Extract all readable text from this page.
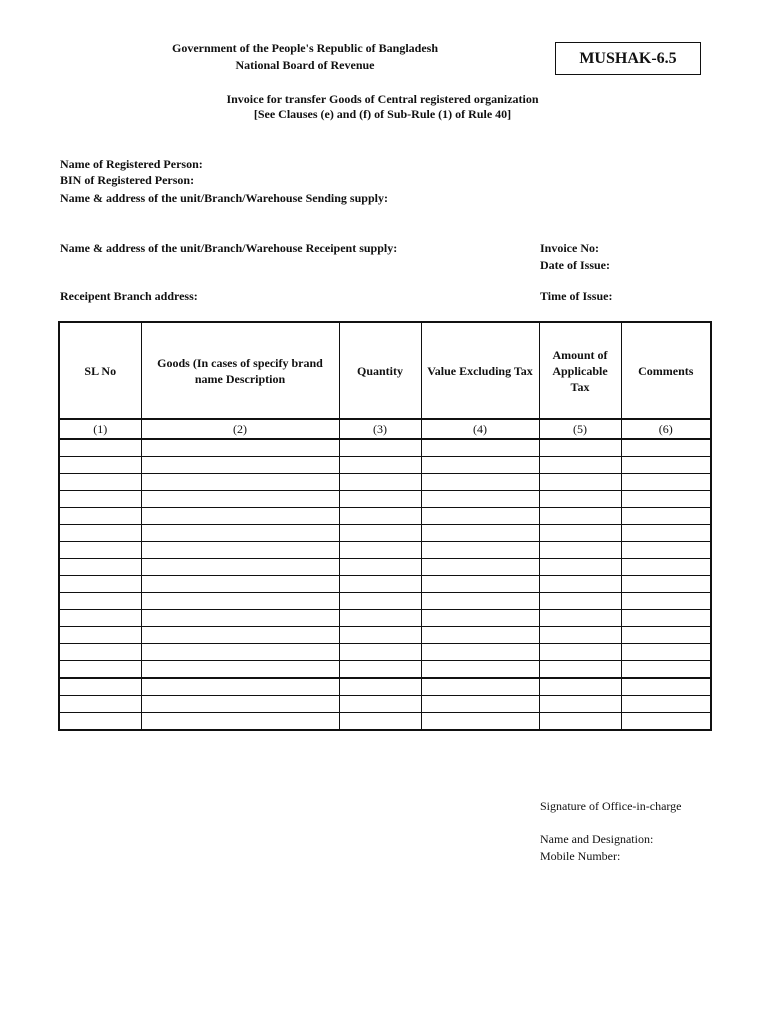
Government of the People's Republic of Bangladesh
National Board of Revenue	MUSHAK-6.5
Invoice for transfer Goods of Central registered organization
[See Clauses (e) and (f) of Sub-Rule (1) of Rule 40]
Name of Registered Person:
BIN of Registered Person:
Name & address of the unit/Branch/Warehouse Sending supply:
Name & address of the unit/Branch/Warehouse Receipent supply:	Invoice No:
Date of Issue:
Receipent Branch address:	Time of Issue:
SL No	Goods (In cases of specify brand name Description	Quantity	Value Excluding Tax	Amount of Applicable Tax	Comments
(1)	(2)	(3)	(4)	(5)	(6)

Signature of Office-in-charge
Name and Designation:
Mobile Number:
